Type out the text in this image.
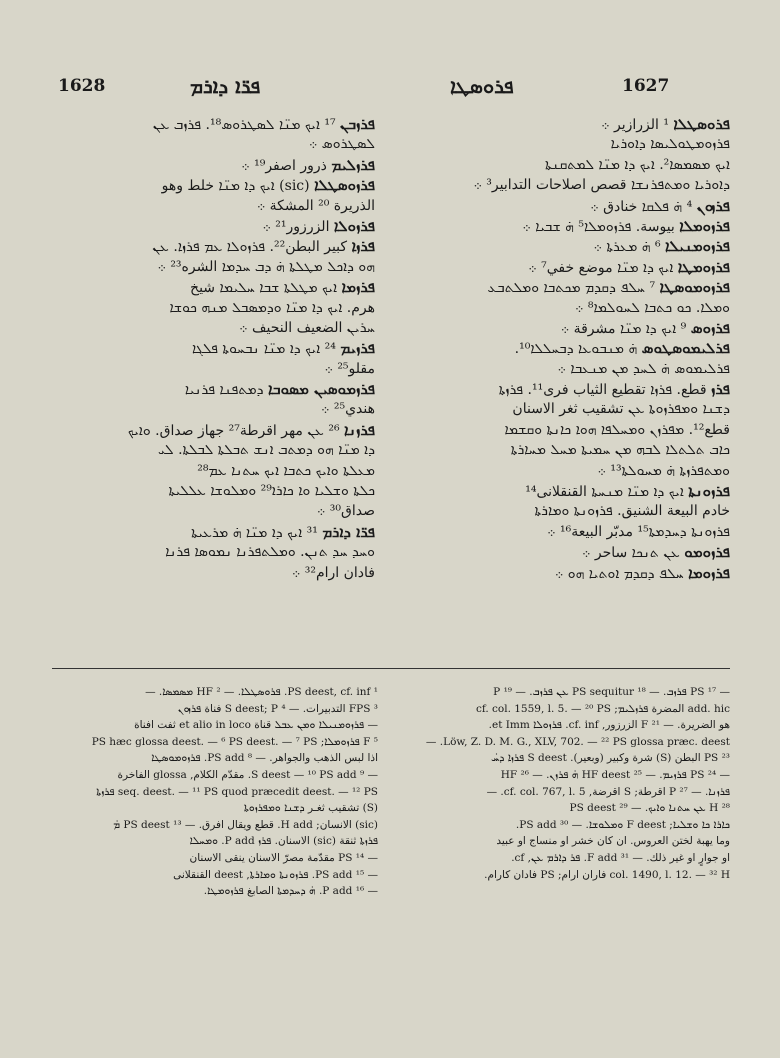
1628	ܦܪ̈ܐ ܕܐܪܡ	ܦܪܘܣܛܐ	1627
ܦܪܙܒܢ ¹⁷ ܐܝܟ ܡܢ̈ܐ ܠܣܛܪܘܣ¹⁸. ܦܪܙܒ ܥܢ
ܠܣܛܪܘܣ ܀
ܦܪܙܠܝܡ ذرور اصفر¹⁹ ܀
ܦܪܙܘܣܛܠܐ (sic) ܐܝܟ ܕܐ ܡܢ̈ܐ خلط وهو
الذريرة ²⁰ المشكة ܀
ܦܪܙܘܠܐ الزرزور²¹ ܀
ܦܪܙܐ كبير البطن²². ܦܪܙܘܠܐ ܥܡ ܦܪܙܐ. ܥܢ
ܗܘ ܕܐܟܠ ܡܛܠܬܐ ܗ̇ ܕܒ ܚܕܡܐ الشره²³ ܀
ܦܪܙܡܐ ܐܝܟ ܡܛܠܬܐ ܫܒܐ ܚܠܝܡܐ شيخ
هرم. ܐܝܟ ܕܐ ܡܢ̈ܐ ܘܕܡܣܒܠ ܡܢܗ ܟܘܫܐ
ܚܪܝܢ الضعيف النحيف ܀
ܦܪܙܝܡ ²⁴ ܐܝܟ ܕܐ ܡܢ̈ܐ ܢܒܚܘܬܐ ܦܠܓܐ
مقلو²⁵ ܀
ܦܪܙܡܘܣܝܢ ܡܣܘܒܐ ܕܡܬܦܢܐ ܦܪܢܝܐ
هندي²⁵ ܀
ܦܪܙܢܐ ²⁶ ܥܢ مهر اقرطة²⁷ جهاز صداق. ܘܐܝܟ
ܕܐ ܡܢ̈ܐ ܗܘ ܕܡܬܒ ܐܢܫ ܬܒܠܬܐ ܠܒܠܬܐ. ܠܝ
ܡܥܠܬܐ ܘܐܝܟ ܟܬܒܐ ܐܝܟ ܚܬܢܐ ܥܡ²⁸
ܟܠܬܐ ܘܫܠܝܐ ܘܐ ܟܐܪܐ²⁹ ܘܡܠܘܫܐ ܥܠܠܝܬܐ
صداق³⁰ ܀
ܦܪ̈ܐ ܕܐܪܡ ³¹ ܐܝܟ ܕܐ ܡܢ̈ܐ ܗ̇ ܡܪܥܝܬܐ
ܘܚܕ ܚܕ ܬܢܢ. ܘܡܠܬܦܪܢܐ ܢܡܘܣܐ ܦܪܢܐ
فادان ارام³² ܀
ܦܪܘܣܛܠܐ ¹ الزرازير ܀
ܦܪܙܘܡܛܘܠܝܣܐ ܕܐܘܪܝܐ
ܐܝܟ ܡܣܡܣܐ². ܐܝܟ ܕܐ ܡܢ̈ܐ ܠܡܬܩܢܬܐ
ܕܐܘܪܝܐ ܘܡܬܦܪܢܫܐ قصص اصلاحات التدابير³ ܀
ܦܪܙܘܢ ⁴ ܗ̇ ܦܠܩܐ خنادق ܀
ܦܪܙܘܡܠܐ بيوسة. ܦܪܙܘܡܠܐ⁵ ܗ̇ ܫܒܝܐ ܀
ܦܪܙܘܡܢܝܠܐ ⁶ ܗ̇ ܡܥܪܬܐ ܀
ܦܪܙܘܡܛܐ ܐܝܟ ܕܐ ܡܢ̈ܐ موضع خفي⁷ ܀
ܦܪܙܘܡܘܣܛܐ ⁷ ܚܠܦ ܕܩܕܡ ܡܟܬܒܐ ܘܡܠܬܒܥ
ܘܡܠܐ. ܟܘ ܟܬܒܐ ܠܚܘܠܡܐ⁸ ܀
ܦܪܙܘܣ ⁹ ܐܝܟ ܕܐ ܡܢ̈ܐ مشرقة ܀
ܦܪܠܝܡܘܣܛܘܣ ܗ̇ ܡܢܒܘܥܐ ܕܒܚܠܠܐ¹⁰.
ܦܪܠܝܡܘܣ ܗ̇ ܠܚܕ ܡܢ ܡܢܥܒܐ ܀
ܦܪܙ قطع. ܦܪܙܐ تقطيع الثياب فرى¹¹. ܦܪܙܬܐ
ܕܫܢܐ ܘܡܦܪܙܘܬܐ ܥܢ تشقيب ثغر الاسنان
قطع¹². ܡܦܪܙܢ ܘܡܚܠܦܐ ܗܘܐ ܟܐܢܬܐ ܘܩܫܡܐ
ܟܐܒ ܬܠܬܠܐ ܠܒܗ ܡܢ ܚܡܝܬܐ ܡܚܠ ܡܚܐܪܬܐ
ܘܡܬܦܪܙܬܐ ܗ̇ ܡܚܘܠܬܐ¹³ ܀
ܦܪܙܘܢܬܐ ܐܝܟ ܕܐ ܡܢ̈ܐ ܡܢܚܬܐ القنقلانى¹⁴
خادم البيعة الشنيق. ܦܪܙܘܢܬܐ ܘܡܐܪܬܐ
ܦܪܙܘܢܬܐ ܕܚܕܡܬܐ¹⁵ مدبّر البيعة¹⁶ ܀
ܦܪܙܘܡܘ ܥܢ ܬܢܟܐ ساحر ܀
ܦܪܙܘܡܐ ܚܠܦ ܕܩܕܡ ܐܘܬܝܐ ܗܘ ܀
¹ PS deest, cf. inf. ܦܪܘܣܛܠܐ. — ² HF ܡܣܡܣܐ. —
³ FPS التدبيرات. — ⁴ S deest; P فناة ܦܪܙܘܢ
— ܦܪܙܘܡܢܝܠܐ ܘܡܢ ܥܒܠ قناة et alio in loco ثفت افناة
⁵ F ܦܪܙܘܡܠܐ; PS hæc glossa deest. — ⁶ PS deest. — ⁷ PS
اذا لبس الذهب والجواهر. — ⁸ PS add. ܦܪܙܘܡܘܣܛܐ
— ⁹ S deest — ¹⁰ PS add. مقدّم الكلام, glossa الفاخرة
seq. deest. — ¹¹ PS quod præcedit deest. — ¹² PS ܦܪܙܬܐ
(S) تشقيب ثغـر ܕܫܢܐ ܘܡܦܪܙܘܬܐ
(sic) الانسان; H add. قطع ويقال افرق. — ¹³ PS deest ܡ̇
ܦܪܙܬܐ ثنقة (sic) الاسنان. ܦܪܙ P add. ܘܡܚܠܐ
— ¹⁴ PS مقدّمة مصرّ الاسنان ينقى الاسنان
— ¹⁵ PS add. ܦܪܙܘܢܬܐ ܘܡܐܪܬܐ, deest القنقلانى
— ¹⁶ P add. ܗ̇ ܕܚܕܡܬܐ الصابغ ܦܪܙܘܡܛܐ.
— ¹⁷ PS ܦܪܙܒ. — ¹⁸ PS sequitur ܥܢ ܦܪܙܒ. — ¹⁹ P
add. hic المضرة ܦܪܙܠܝܡ; cf. col. 1559, l. 5. — ²⁰ PS
هو الضريرة. — ²¹ F الزرزور, cf. inf. ܦܪܙܘܠܐ et Imm.
Löw, Z. D. M. G., XLV, 702. — ²² PS glossa præc. deest. —
²³ PS البطن (S) شرة وكبير (وبعير). S deest ܦܪܙܐ ܕܚ̇
— ²⁴ PS ܦܪܙܝܡ. — ²⁵ HF deest ܗ̇ ܦܪܙܢ. — ²⁶ HF
ܦܪܙܢܐ. — ²⁷ P اقرطة; S اقرضة, cf. col. 767, l. 5. —
²⁸ H ܥܢ ܚܬܢܐ ܘܐܝܟ. — ²⁹ PS deest
ܟܐܪܐ ܟܐ ܘܫܠܝܐ; F deest ܘܡܠܘܫܐ. — ³⁰ PS add.
وما يهبة لختن العروس. ان كان خشر او منساج او عبيد
او جوارٍ او غير ذلك. — ³¹ F add. ܦܪ ܕܐܪܡ ܥܢ, cf.
col. 1490, l. 12. — ³² H فاران ارام; PS فادان كارام.
